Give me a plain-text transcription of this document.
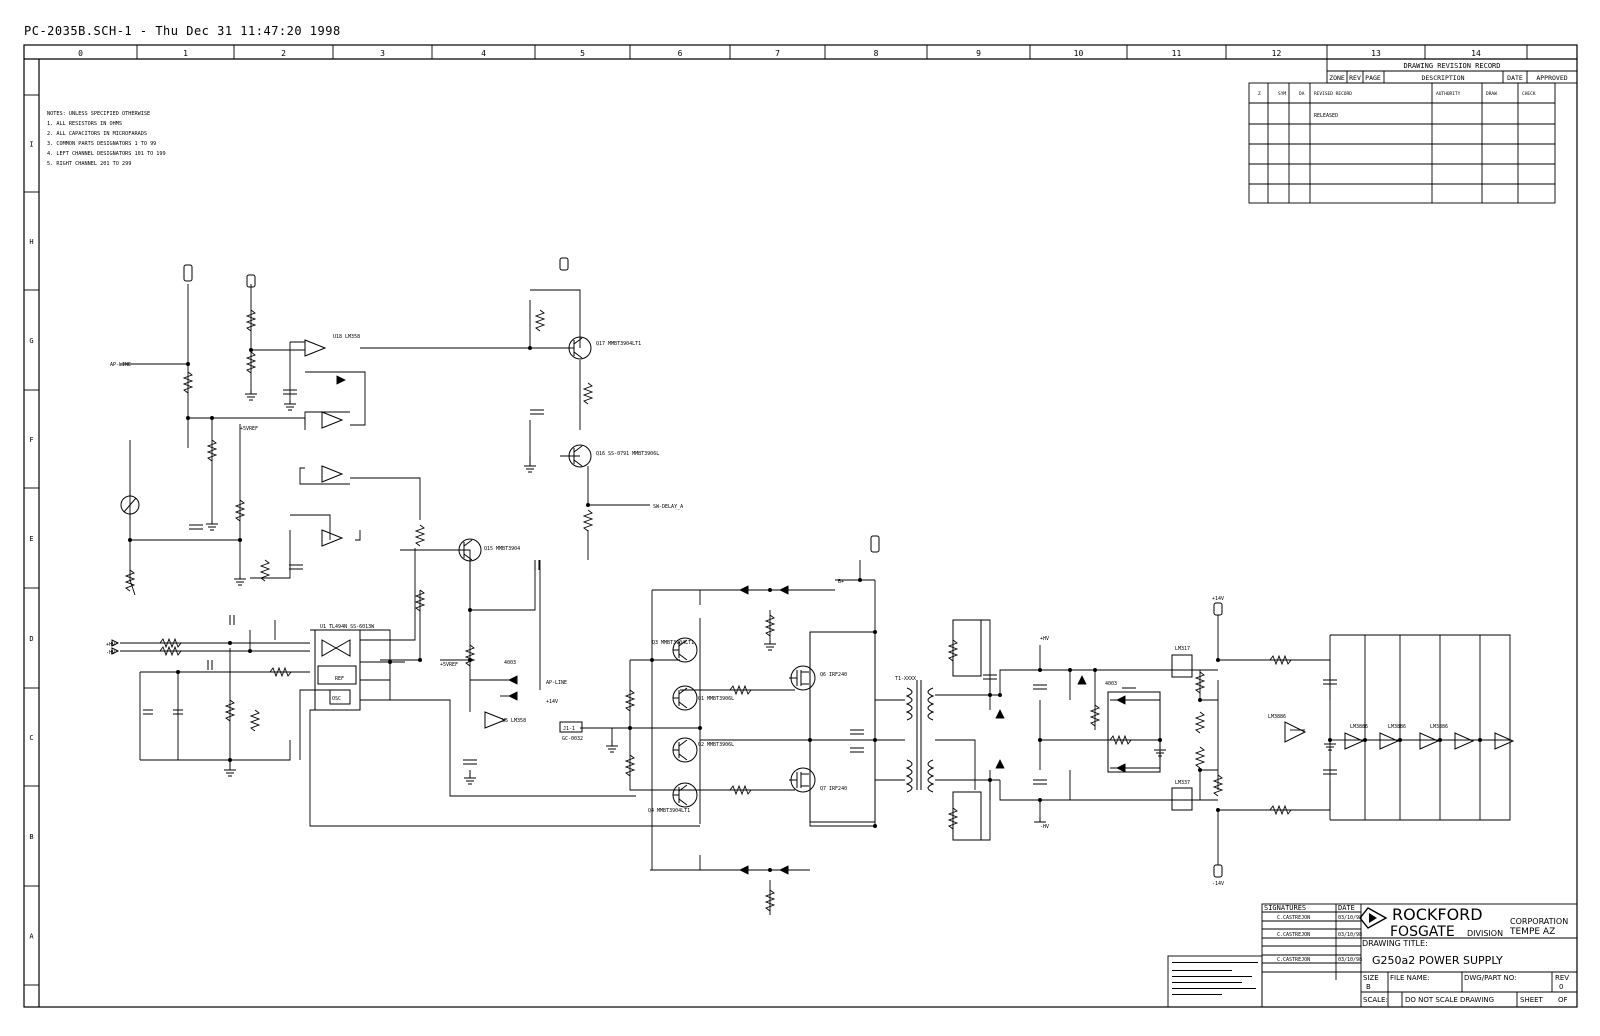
PC-2035B.SCH-1 - Thu Dec 31 11:47:20 1998
0	1	2	3	4	5	6	7	8	9	10	11	12	13	14
I
H
G
F
E
D
C
B
A
NOTES: UNLESS SPECIFIED OTHERWISE
1. ALL RESISTORS IN OHMS
2. ALL CAPACITORS IN MICROFARADS
3. COMMON PARTS DESIGNATORS 1 TO 99
4. LEFT CHANNEL DESIGNATORS 101 TO 199
5. RIGHT CHANNEL 201 TO 299
DRAWING REVISION RECORD
ZONE REV PAGE	DESCRIPTION	DATE APPROVED
Z	SYM	DA REVISED RECORD	AUTHORITY	DRAW	CHECK
RELEASED
ROCKFORD
FOSGATE DIVISION
CORPORATION
TEMPE AZ
SIGNATURES	DATE
C.CASTREJON	03/10/98
C.CASTREJON	03/10/98
C.CASTREJON	03/10/98
DRAWING TITLE:
G250a2 POWER SUPPLY
SIZE
B
FILE NAME:	DWG/PART NO:	REV
0
SCALE: DO NOT SCALE DRAWING	SHEET OF
AP-LINE
+5VREF
+5VREF
AP-LINE
+14V
SW-DELAY_A
+HV
-HV
B+
T1-XXXX
GC-0032
J1-1
+14V
-14V
+HV
-HV
U1 TL494N SS-6013W
REF
OSC
Q17 MMBT3904LT1
Q16 SS-0791 MMBT3906L
Q15 MMBT3904
Q3 MMBT3904LT1
Q1 MMBT3906L
Q2 MMBT3906L
Q4 MMBT3904LT1
Q6 IRF240
Q7 IRF240
U18 LM358
U5 LM358
LM317
LM337
LM3886	LM3886	LM3886
LM3886
4003
4003
